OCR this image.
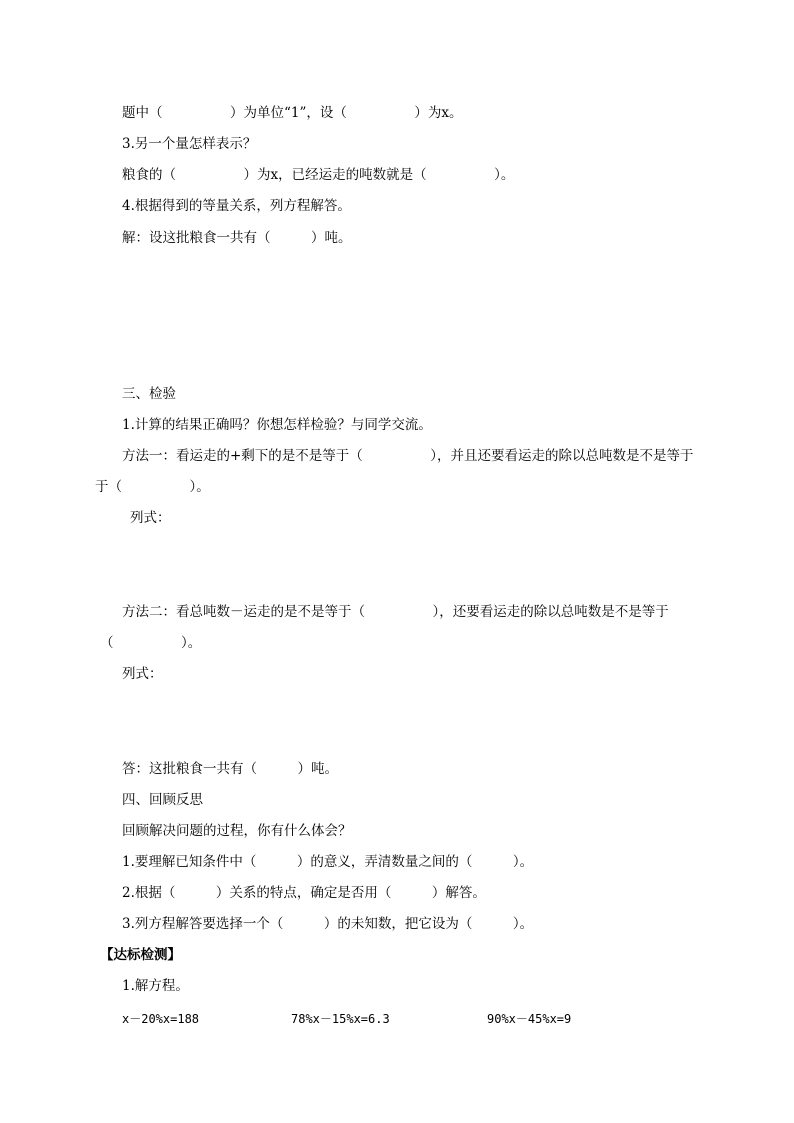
题中（　　　　　）为单位“1”，设（　　　　　）为x。
3.另一个量怎样表示？
粮食的（　　　　　）为x，已经运走的吨数就是（　　　　　）。
4.根据得到的等量关系，列方程解答。
解：设这批粮食一共有（　　　）吨。
三、检验
1.计算的结果正确吗？你想怎样检验？与同学交流。
方法一：看运走的+剩下的是不是等于（　　　　　），并且还要看运走的除以总吨数是不是等于
于（　　　　　）。
列式：
方法二：看总吨数－运走的是不是等于（　　　　　），还要看运走的除以总吨数是不是等于
（　　　　　）。
列式：
答：这批粮食一共有（　　　）吨。
四、回顾反思
回顾解决问题的过程，你有什么体会？
1.要理解已知条件中（　　　）的意义，弄清数量之间的（　　　）。
2.根据（　　　）关系的特点，确定是否用（　　　）解答。
3.列方程解答要选择一个（　　　）的未知数，把它设为（　　　）。
【达标检测】
1.解方程。
x－20%x=188	78%x－15%x=6.3	90%x－45%x=9
